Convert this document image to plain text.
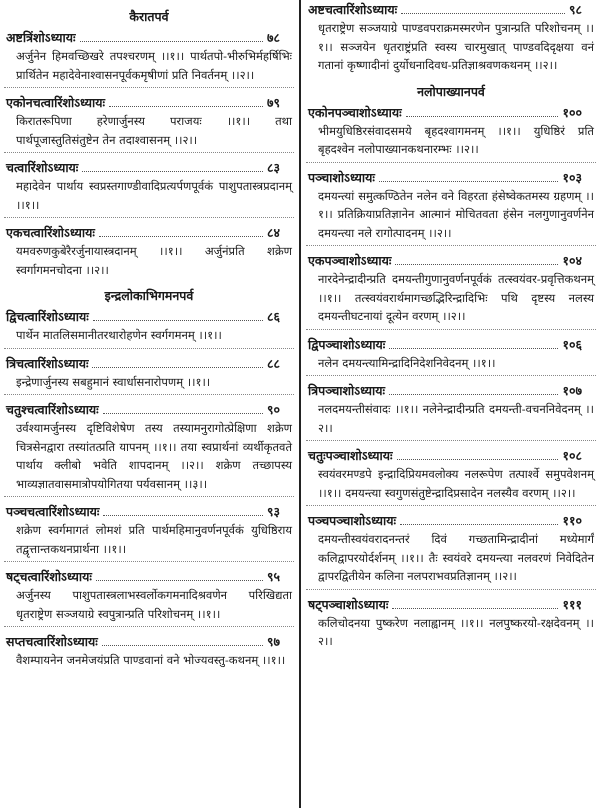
कैरातपर्व
अष्टत्रिंशोऽध्यायः	७८
अर्जुनेन हिमवच्छिखरे तपश्चरणम् ।।१।। पार्थतपो-भीरुभिर्महर्षिभिः प्रार्थितेन महादेवेनाश्वासनपूर्वकमृषीणां प्रति निवर्तनम् ।।२।।
एकोनचत्वारिंशोऽध्यायः	७९
किरातरूपिणा हरेणार्जुनस्य पराजयः ।।१।। तथा पार्थपूजास्तुतिसंतुष्टेन तेन तदाश्वासनम् ।।२।।
चत्वारिंशोऽध्यायः	८३
महादेवेन पार्थाय स्वप्रस्तगाण्डीवादिप्रत्यर्पणपूर्वकं पाशुपतास्त्रप्रदानम् ।।१।।
एकचत्वारिंशोऽध्यायः	८४
यमवरुणकुबेरैरर्जुनायास्त्रदानम् ।।१।। अर्जुनंप्रति शक्रेण स्वर्गागमनचोदना ।।२।।
इन्द्रलोकाभिगमनपर्व
द्विचत्वारिंशोऽध्यायः	८६
पार्थेन मातलिसमानीतरथारोहणेन स्वर्गगमनम् ।।१।।
त्रिचत्वारिंशोऽध्यायः	८८
इन्द्रेणार्जुनस्य सबहुमानं स्वार्धासनारोपणम् ।।१।।
चतुश्चत्वारिंशोऽध्यायः	९०
उर्वश्यामर्जुनस्य दृष्टिविशेषेण तस्य तस्यामनुरागोत्प्रेक्षिणा शक्रेण चित्रसेनद्वारा तस्यांतत्प्रति यापनम् ।।१।। तया स्वप्रार्थनां व्यर्थीकृतवते पार्थाय क्लीबो भवेति शापदानम् ।।२।। शक्रेण तच्छापस्य भाव्यज्ञातवासमात्रोपयोगितया पर्यवसानम् ।।३।।
पञ्चचत्वारिंशोऽध्यायः	९३
शक्रेण स्वर्गमागतं लोमशं प्रति पार्थमहिमानुवर्णनपूर्वकं युधिष्ठिराय तद्वृत्तान्तकथनप्रार्थना ।।१।।
षट्चत्वारिंशोऽध्यायः	९५
अर्जुनस्य पाशुपतास्त्रलाभस्वर्लोकगमनादिश्रवणेन परिखिद्यता धृतराष्ट्रेण सञ्जयाग्रे स्वपुत्रान्प्रति परिशोचनम् ।।१।।
सप्तचत्वारिंशोऽध्यायः	९७
वैशम्पायनेन जनमेजयंप्रति पाण्डवानां वने भोज्यवस्तु-कथनम् ।।१।।
अष्टचत्वारिंशोऽध्यायः	९८
धृतराष्ट्रेण सञ्जयाग्रे पाण्डवपराक्रमस्मरणेन पुत्रान्प्रति परिशोचनम् ।।१।। सञ्जयेन धृतराष्ट्रंप्रति स्वस्य चारमुखात् पाण्डवदिदृक्षया वनं गतानां कृष्णादीनां दुर्योधनादिवध-प्रतिज्ञाश्रवणकथनम् ।।२।।
नलोपाख्यानपर्व
एकोनपञ्चाशोऽध्यायः	१००
भीमयुधिष्ठिरसंवादसमये बृहदश्वागमनम् ।।१।। युधिष्ठिरं प्रति बृहदश्वेन नलोपाख्यानकथनारम्भः ।।२।।
पञ्चाशोऽध्यायः	१०३
दमयन्त्यां समुत्कण्ठितेन नलेन वने विहरता हंसेष्वेकतमस्य ग्रहणम् ।।१।। प्रतिक्रियाप्रतिज्ञानेन आत्मानं मोचितवता हंसेन नलगुणानुवर्णनेन दमयन्त्या नले रागोत्पादनम् ।।२।।
एकपञ्चाशोऽध्यायः	१०४
नारदेनेन्द्रादीन्प्रति दमयन्तीगुणानुवर्णनपूर्वकं तत्स्वयंवर-प्रवृत्तिकथनम् ।।१।। तत्स्वयंवरार्थमागच्छद्भिरिन्द्रादिभिः पथि दृष्टस्य नलस्य दमयन्तीघटनायां दूत्येन वरणम् ।।२।।
द्विपञ्चाशोऽध्यायः	१०६
नलेन दमयन्त्यामिन्द्रादिनिदेशनिवेदनम् ।।१।।
त्रिपञ्चाशोऽध्यायः	१०७
नलदमयन्तीसंवादः ।।१।। नलेनेन्द्रादीन्प्रति दमयन्ती-वचननिवेदनम् ।।२।।
चतुःपञ्चाशोऽध्यायः	१०८
स्वयंवरमण्डपे इन्द्रादिप्रियमवलोक्य नलरूपेण तत्पार्श्वे समुपवेशनम् ।।१।। दमयन्त्या स्वगुणसंतुष्टेन्द्रादिप्रसादेन नलस्यैव वरणम् ।।२।।
पञ्चपञ्चाशोऽध्यायः	११०
दमयन्तीस्वयंवरादनन्तरं दिवं गच्छतामिन्द्रादीनां मध्येमार्गं कलिद्वापरयोर्दर्शनम् ।।१।। तैः स्वयंवरे दमयन्त्या नलवरणं निवेदितेन द्वापरद्वितीयेन कलिना नलपराभवप्रतिज्ञानम् ।।२।।
षट्पञ्चाशोऽध्यायः	१११
कलिचोदनया पुष्करेण नलाह्वानम् ।।१।। नलपुष्करयो-रक्षदेवनम् ।।२।।
